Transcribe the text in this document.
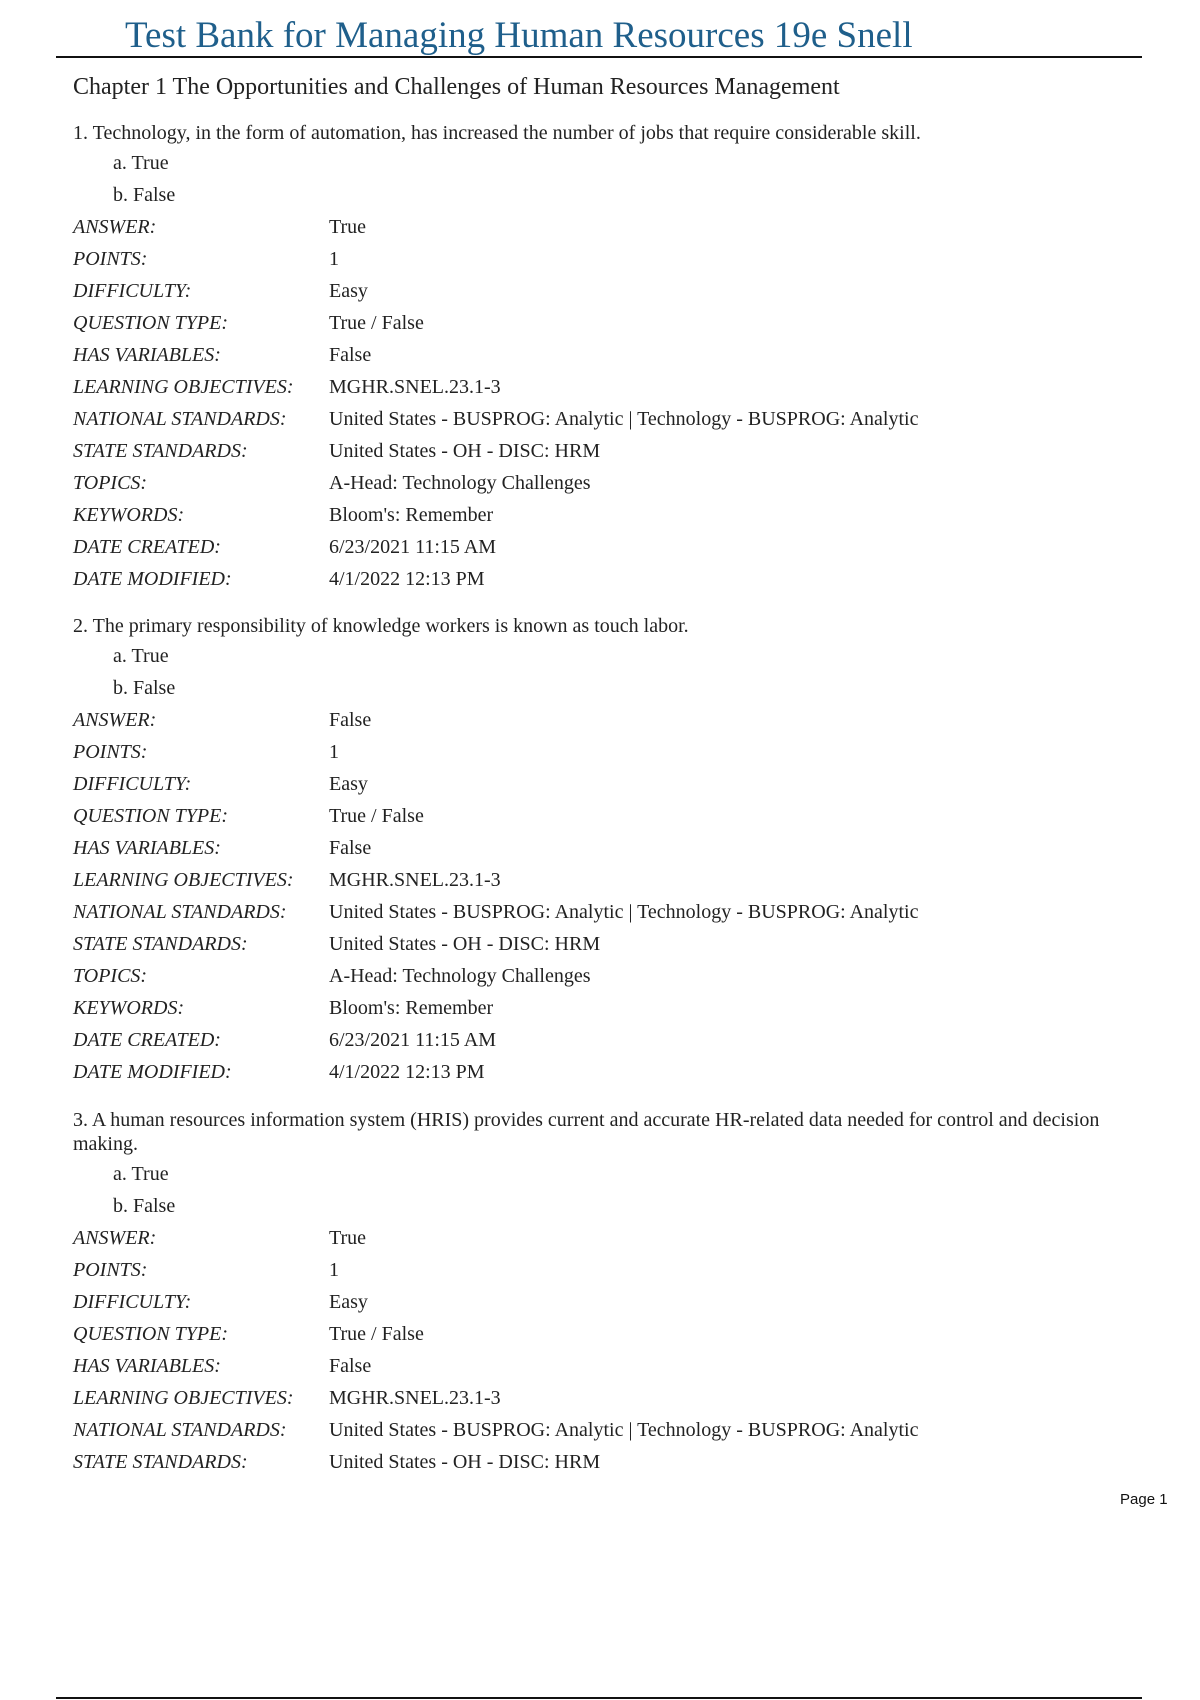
Test Bank for Managing Human Resources 19e Snell
Chapter 1 The Opportunities and Challenges of Human Resources Management

1. Technology, in the form of automation, has increased the number of jobs that require considerable skill.

a. True
b. False
ANSWER:	True
POINTS:	1
DIFFICULTY:	Easy
QUESTION TYPE:	True / False
HAS VARIABLES:	False
LEARNING OBJECTIVES:	MGHR.SNEL.23.1-3
NATIONAL STANDARDS:	United States - BUSPROG: Analytic | Technology - BUSPROG: Analytic
STATE STANDARDS:	United States - OH - DISC: HRM
TOPICS:	A-Head: Technology Challenges
KEYWORDS:	Bloom's: Remember
DATE CREATED:	6/23/2021 11:15 AM
DATE MODIFIED:	4/1/2022 12:13 PM

2. The primary responsibility of knowledge workers is known as touch labor.

a. True
b. False
ANSWER:	False
POINTS:	1
DIFFICULTY:	Easy
QUESTION TYPE:	True / False
HAS VARIABLES:	False
LEARNING OBJECTIVES:	MGHR.SNEL.23.1-3
NATIONAL STANDARDS:	United States - BUSPROG: Analytic | Technology - BUSPROG: Analytic
STATE STANDARDS:	United States - OH - DISC: HRM
TOPICS:	A-Head: Technology Challenges
KEYWORDS:	Bloom's: Remember
DATE CREATED:	6/23/2021 11:15 AM
DATE MODIFIED:	4/1/2022 12:13 PM

3. A human resources information system (HRIS) provides current and accurate HR-related data needed for control and decision making.

a. True
b. False
ANSWER:	True
POINTS:	1
DIFFICULTY:	Easy
QUESTION TYPE:	True / False
HAS VARIABLES:	False
LEARNING OBJECTIVES:	MGHR.SNEL.23.1-3
NATIONAL STANDARDS:	United States - BUSPROG: Analytic | Technology - BUSPROG: Analytic
STATE STANDARDS:	United States - OH - DISC: HRM
Page 1
